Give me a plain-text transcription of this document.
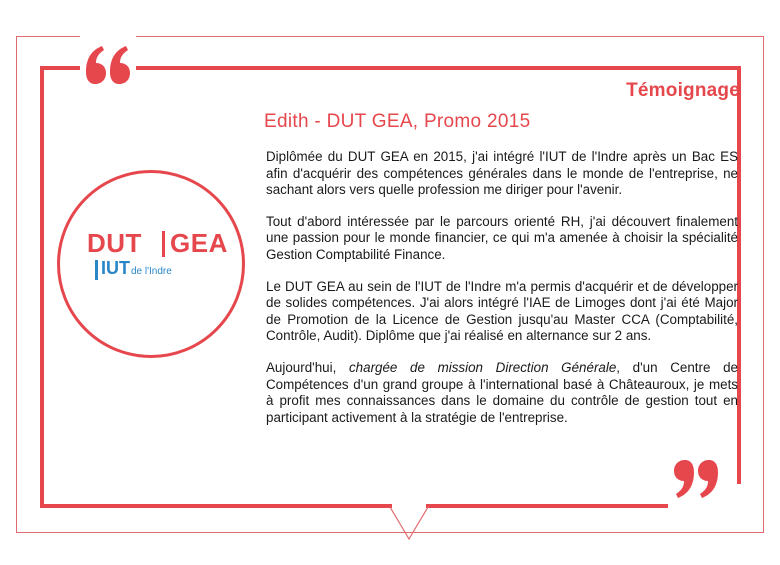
Témoignage
Edith - DUT GEA, Promo 2015
DUT GEA
IUT de l'Indre

Diplômée du DUT GEA en 2015, j'ai intégré l'IUT de l'Indre après un Bac ES afin d'acquérir des compétences générales dans le monde de l'entreprise, ne sachant alors vers quelle profession me diriger pour l'avenir.

Tout d'abord intéressée par le parcours orienté RH, j'ai découvert finalement une passion pour le monde financier, ce qui m'a amenée à choisir la spécialité Gestion Comptabilité Finance.

Le DUT GEA au sein de l'IUT de l'Indre m'a permis d'acquérir et de développer de solides compétences. J'ai alors intégré l'IAE de Limoges dont j'ai été Major de Promotion de la Licence de Gestion jusqu'au Master CCA (Comptabilité, Contrôle, Audit). Diplôme que j'ai réalisé en alternance sur 2 ans.

Aujourd'hui, chargée de mission Direction Générale, d'un Centre de Compétences d'un grand groupe à l'international basé à Châteauroux, je mets à profit mes connaissances dans le domaine du contrôle de gestion tout en participant activement à la stratégie de l'entreprise.
